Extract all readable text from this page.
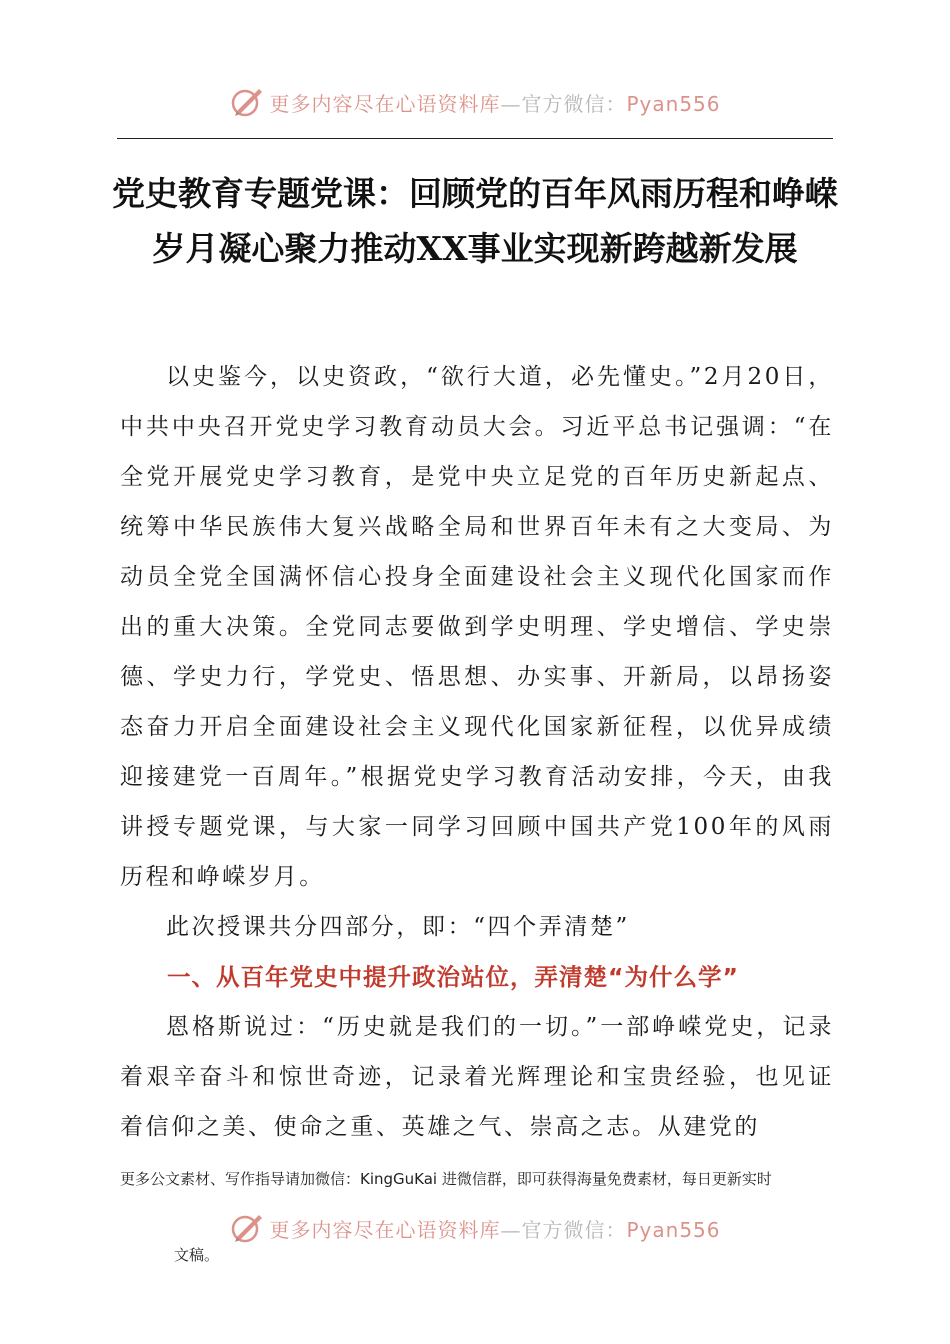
更多内容尽在心语资料库—官方微信：Pyan556
党史教育专题党课：回顾党的百年风雨历程和峥嵘岁月凝心聚力推动XX事业实现新跨越新发展

以史鉴今，以史资政，“欲行大道，必先懂史。”2月20日，中共中央召开党史学习教育动员大会。习近平总书记强调：“在全党开展党史学习教育，是党中央立足党的百年历史新起点、统筹中华民族伟大复兴战略全局和世界百年未有之大变局、为动员全党全国满怀信心投身全面建设社会主义现代化国家而作出的重大决策。全党同志要做到学史明理、学史增信、学史崇德、学史力行，学党史、悟思想、办实事、开新局，以昂扬姿态奋力开启全面建设社会主义现代化国家新征程，以优异成绩迎接建党一百周年。”根据党史学习教育活动安排，今天，由我讲授专题党课，与大家一同学习回顾中国共产党100年的风雨历程和峥嵘岁月。

此次授课共分四部分，即：“四个弄清楚”

一、从百年党史中提升政治站位，弄清楚“为什么学”

恩格斯说过：“历史就是我们的一切。”一部峥嵘党史，记录着艰辛奋斗和惊世奇迹，记录着光辉理论和宝贵经验，也见证着信仰之美、使命之重、英雄之气、崇高之志。从建党的

更多公文素材、写作指导请加微信：KingGuKai 进微信群，即可获得海量免费素材，每日更新实时
更多内容尽在心语资料库—官方微信：Pyan556
文稿。
